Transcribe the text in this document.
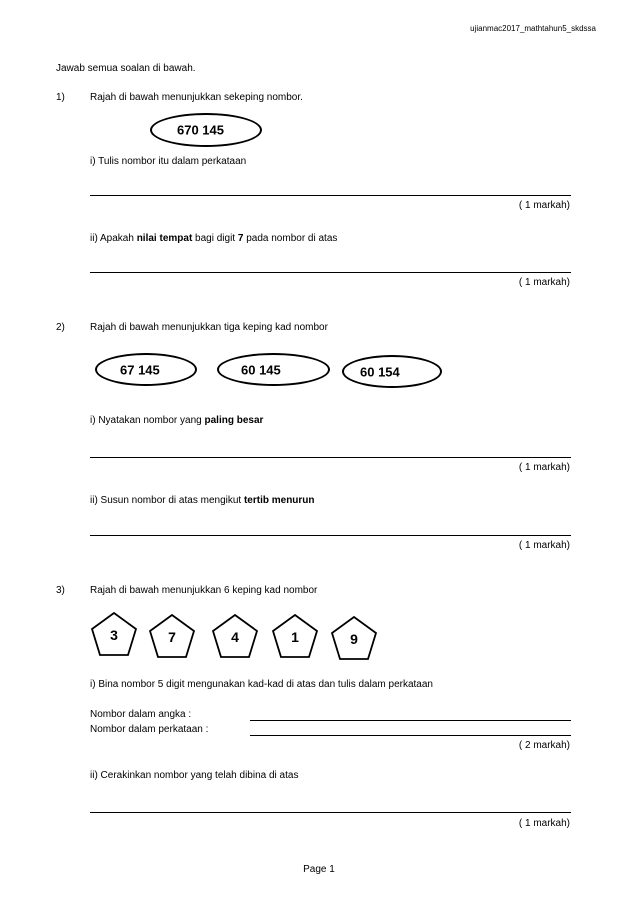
ujianmac2017_mathtahun5_skdssa
Jawab semua soalan di bawah.
1)	Rajah di bawah menunjukkan sekeping nombor.
670 145
i) Tulis nombor itu dalam perkataan
( 1 markah)
ii) Apakah nilai tempat bagi digit 7 pada nombor di atas
( 1 markah)
2)	Rajah di bawah menunjukkan tiga keping kad nombor
67 145	60 145	60 154
i) Nyatakan nombor yang paling besar
( 1 markah)
ii) Susun nombor di atas mengikut tertib menurun
( 1 markah)
3)	Rajah di bawah menunjukkan 6 keping kad nombor
3	7	4	1	9
i) Bina nombor 5 digit mengunakan kad-kad di atas dan tulis dalam perkataan
Nombor dalam angka :
Nombor dalam perkataan :
( 2 markah)
ii) Cerakinkan nombor yang telah dibina di atas
( 1 markah)
Page 1
